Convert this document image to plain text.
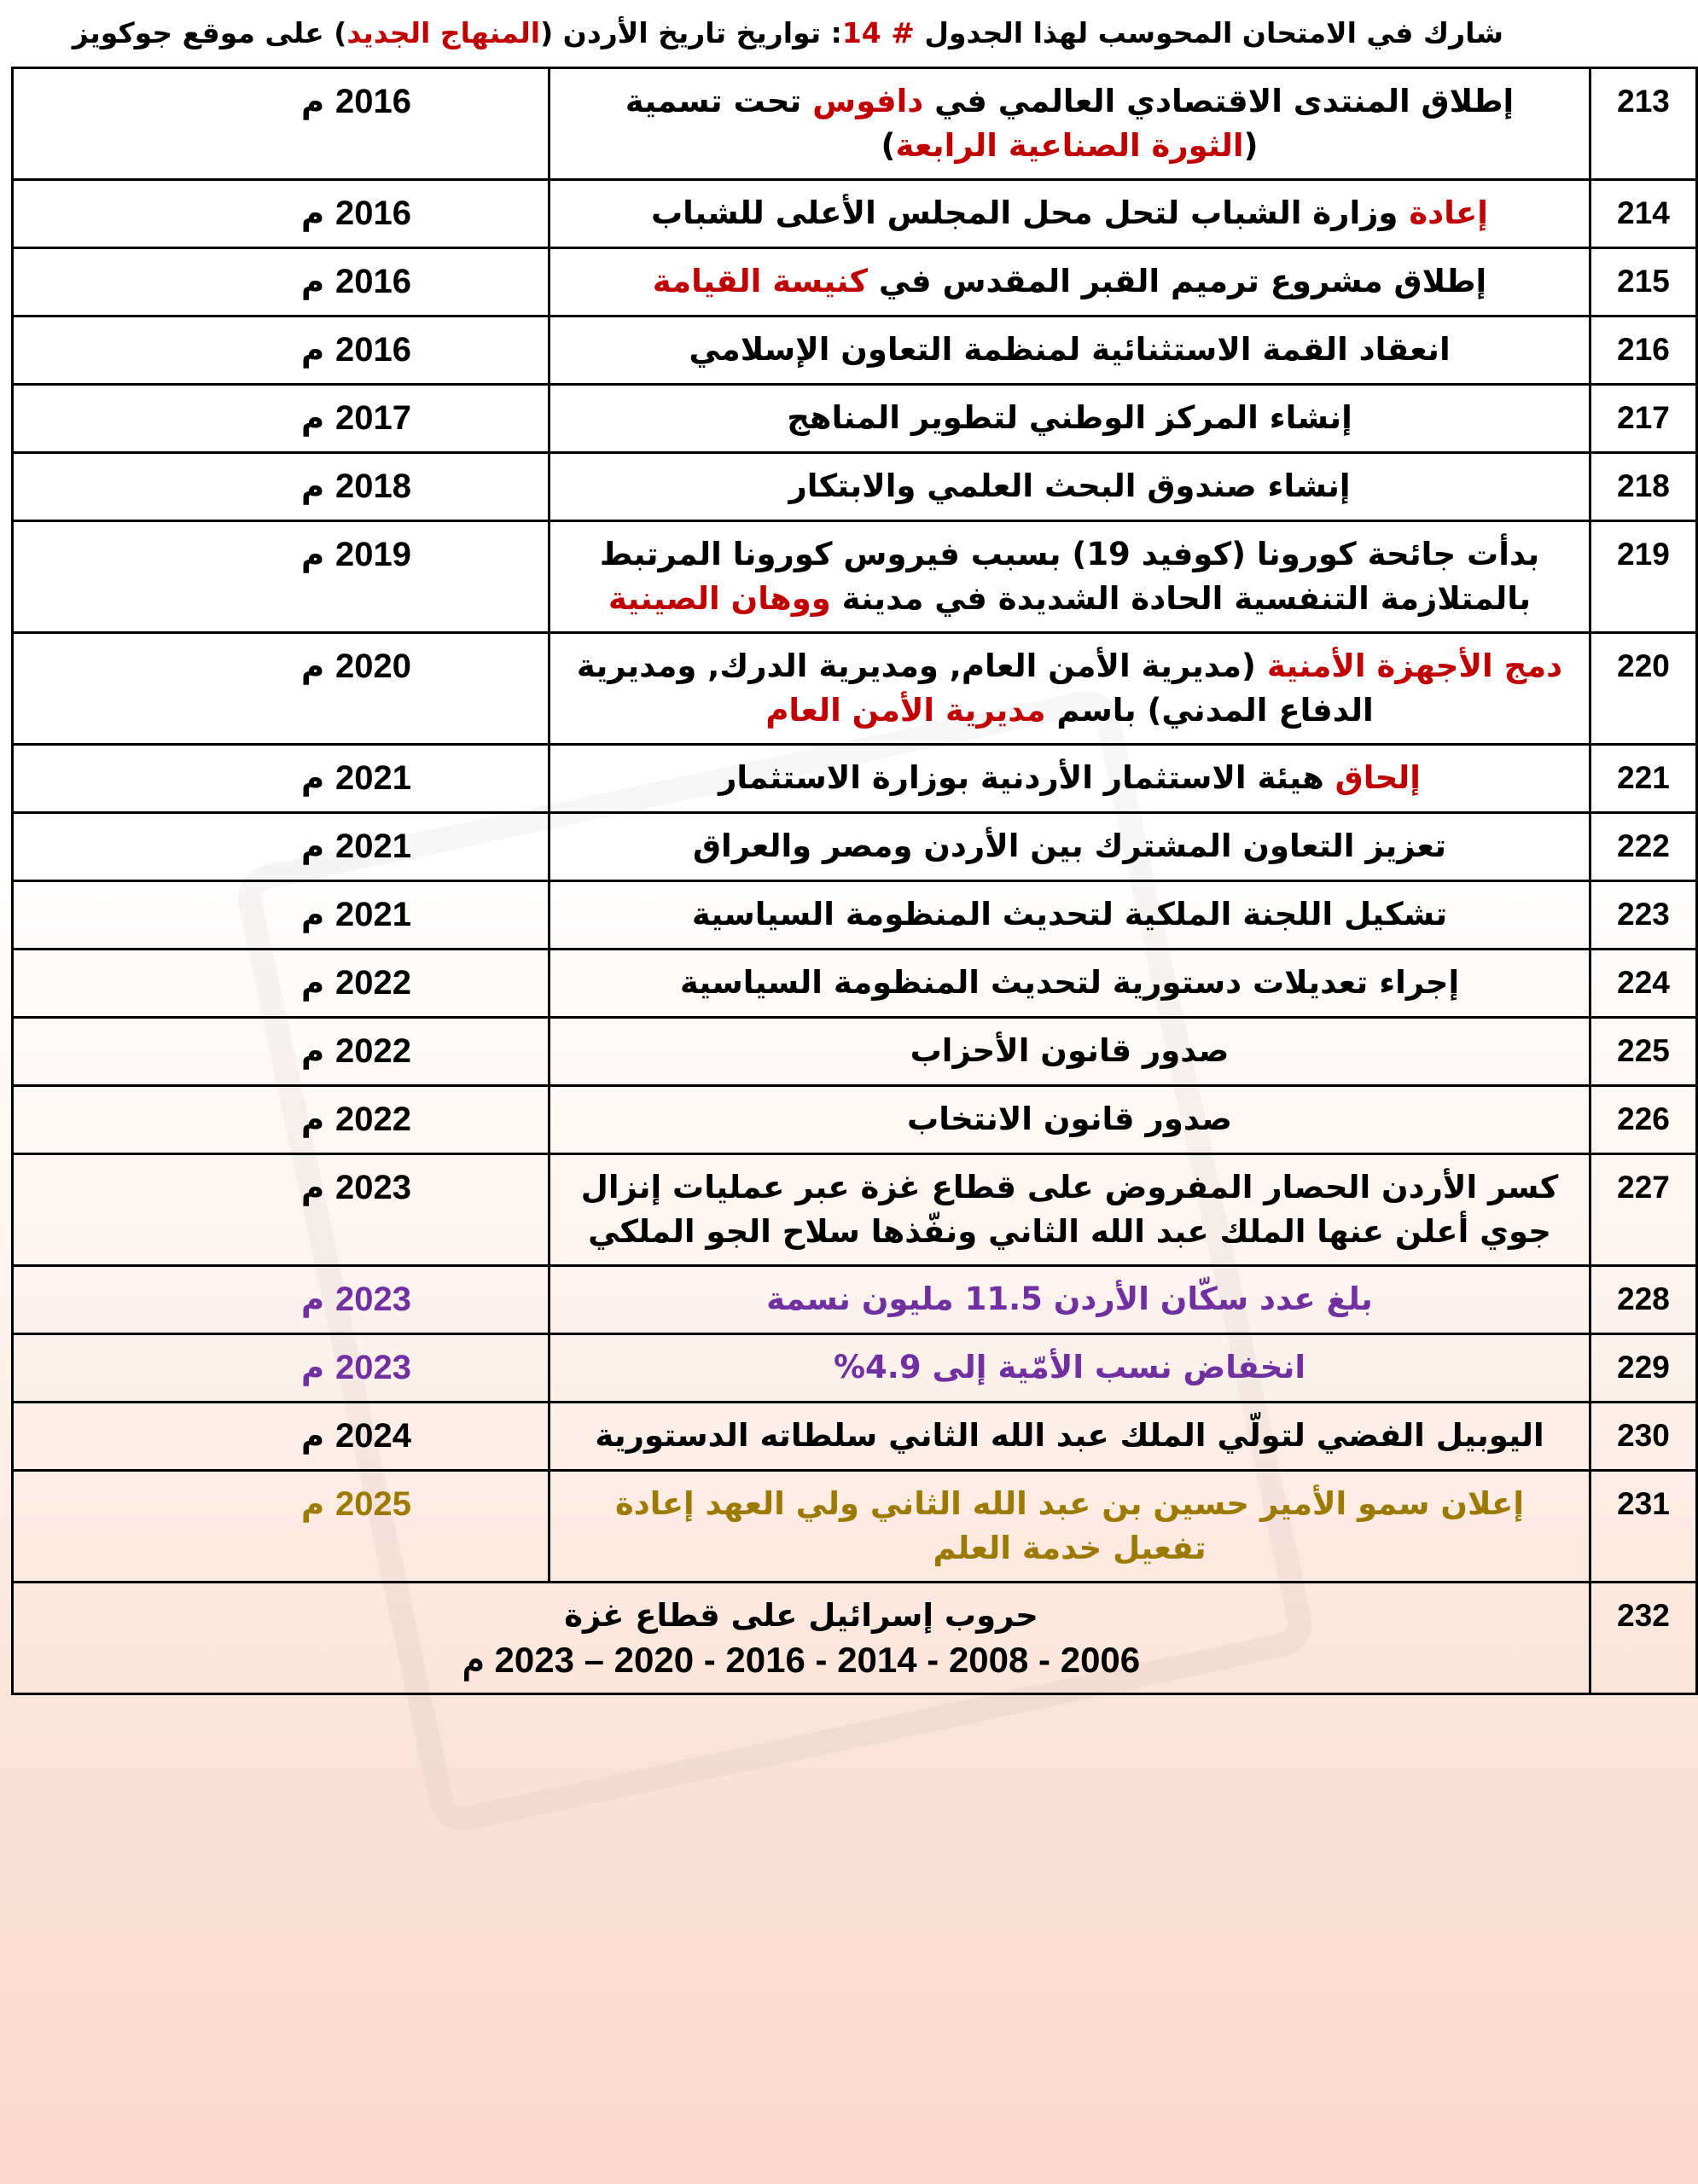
شارك في الامتحان المحوسب لهذا الجدول # 14: تواريخ تاريخ الأردن (المنهاج الجديد) على موقع جوكويز
213	إطلاق المنتدى الاقتصادي العالمي في دافوس تحت تسمية (الثورة الصناعية الرابعة)	2016 م
214	إعادة وزارة الشباب لتحل محل المجلس الأعلى للشباب	2016 م
215	إطلاق مشروع ترميم القبر المقدس في كنيسة القيامة	2016 م
216	انعقاد القمة الاستثنائية لمنظمة التعاون الإسلامي	2016 م
217	إنشاء المركز الوطني لتطوير المناهج	2017 م
218	إنشاء صندوق البحث العلمي والابتكار	2018 م
219	بدأت جائحة كورونا (كوفيد 19) بسبب فيروس كورونا المرتبط بالمتلازمة التنفسية الحادة الشديدة في مدينة ووهان الصينية	2019 م
220	دمج الأجهزة الأمنية (مديرية الأمن العام, ومديرية الدرك, ومديرية الدفاع المدني) باسم مديرية الأمن العام	2020 م
221	إلحاق هيئة الاستثمار الأردنية بوزارة الاستثمار	2021 م
222	تعزيز التعاون المشترك بين الأردن ومصر والعراق	2021 م
223	تشكيل اللجنة الملكية لتحديث المنظومة السياسية	2021 م
224	إجراء تعديلات دستورية لتحديث المنظومة السياسية	2022 م
225	صدور قانون الأحزاب	2022 م
226	صدور قانون الانتخاب	2022 م
227	كسر الأردن الحصار المفروض على قطاع غزة عبر عمليات إنزال جوي أعلن عنها الملك عبد الله الثاني ونفّذها سلاح الجو الملكي	2023 م
228	بلغ عدد سكّان الأردن 11.5 مليون نسمة	2023 م
229	انخفاض نسب الأمّية إلى 4.9%	2023 م
230	اليوبيل الفضي لتولّي الملك عبد الله الثاني سلطاته الدستورية	2024 م
231	إعلان سمو الأمير حسين بن عبد الله الثاني ولي العهد إعادة تفعيل خدمة العلم	2025 م
232	حروب إسرائيل على قطاع غزة
2006 - 2008 - 2014 - 2016 - 2020 – 2023 م	
